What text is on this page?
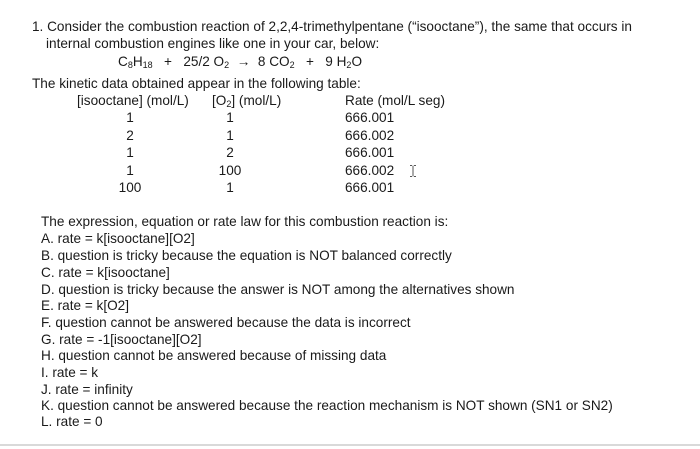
1. Consider the combustion reaction of 2,2,4-trimethylpentane (“isooctane”), the same that occurs in
internal combustion engines like one in your car, below:
$C_8H_{18} + 25/2$ $O_2 \to 8$ $CO_2 + 9$ $H_2O$
The kinetic data obtained appear in the following table:
[isooctane] (mol/L) $[O_2]$ (mol/L)	Rate (mol/L seg)
1	1	666.001
2	1	666.002
1	2	666.001
1	100	666.002
100	1	666.001
The expression, equation or rate law for this combustion reaction is:
A. rate = k[isooctane][O2]
B. question is tricky because the equation is NOT balanced correctly
C. rate = k[isooctane]
D. question is tricky because the answer is NOT among the alternatives shown
E. rate = k[O2]
F. question cannot be answered because the data is incorrect
G. rate = -1[isooctane][O2]
H. question cannot be answered because of missing data
I. rate = k
J. rate = infinity
K. question cannot be answered because the reaction mechanism is NOT shown (SN1 or SN2)
L. rate = 0
